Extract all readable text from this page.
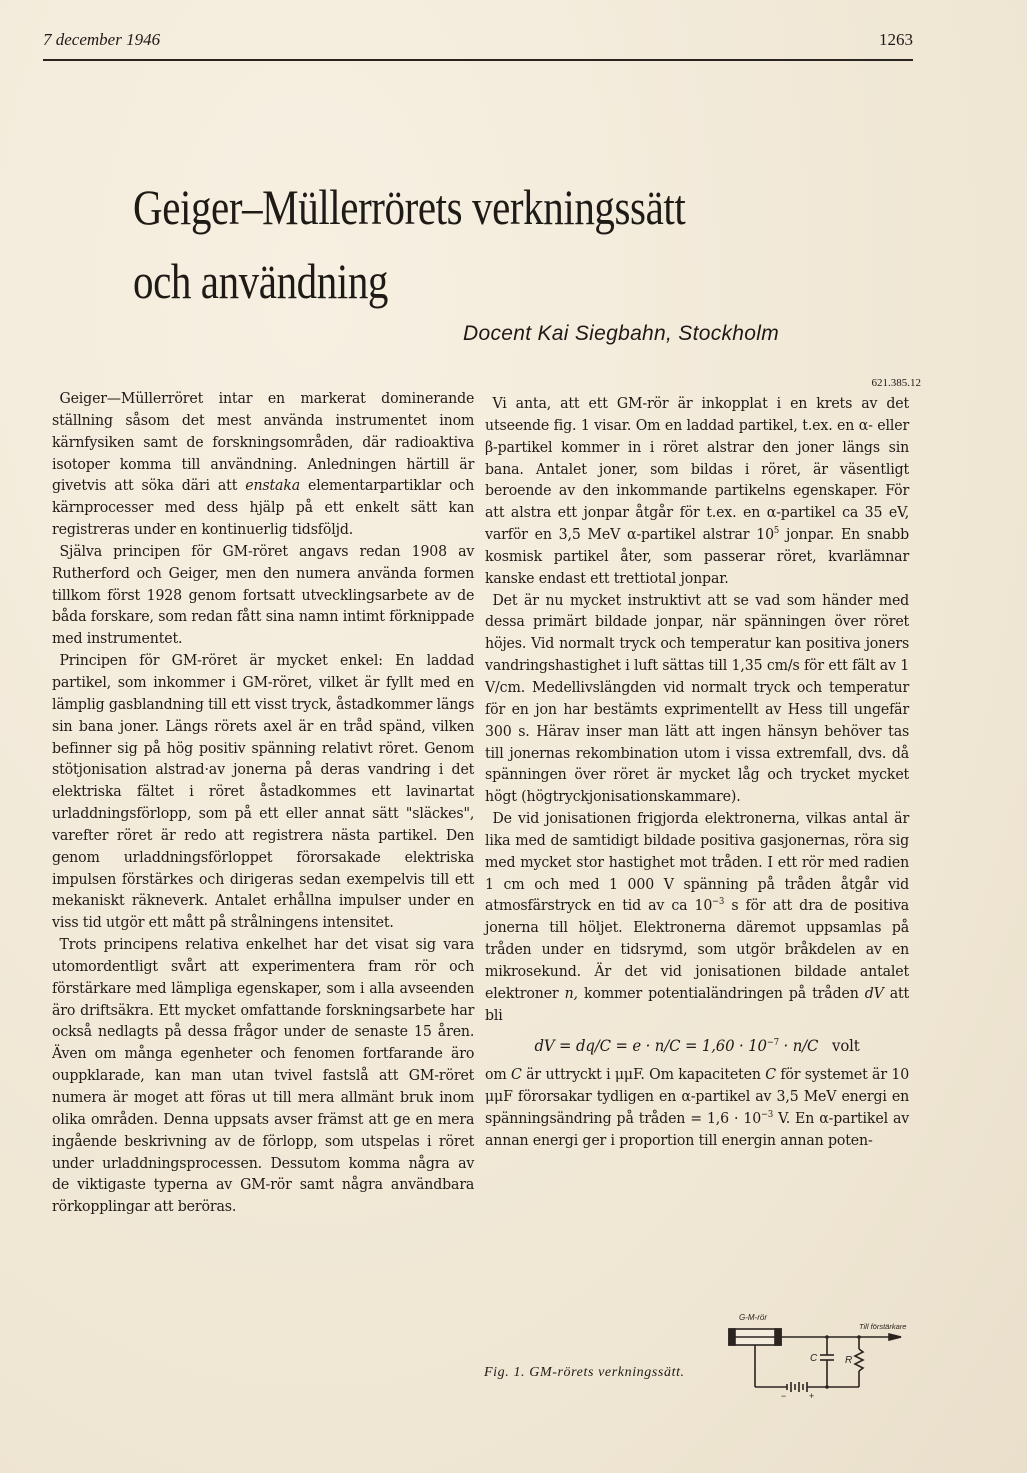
7 december 1946	1263
Geiger–Müllerrörets verkningssätt
och användning
Docent Kai Siegbahn, Stockholm
621.385.12

Geiger—Müllerröret intar en markerat dominerande ställning såsom det mest använda instrumentet inom kärnfysiken samt de forskningsområden, där radioaktiva isotoper komma till användning. Anledningen härtill är givetvis att söka däri att enstaka elementarpartiklar och kärnprocesser med dess hjälp på ett enkelt sätt kan registreras under en kontinuerlig tidsföljd.

Själva principen för GM-röret angavs redan 1908 av Rutherford och Geiger, men den numera använda formen tillkom först 1928 genom fortsatt utvecklingsarbete av de båda forskare, som redan fått sina namn intimt förknippade med instrumentet.

Principen för GM-röret är mycket enkel: En laddad partikel, som inkommer i GM-röret, vilket är fyllt med en lämplig gasblandning till ett visst tryck, åstadkommer längs sin bana joner. Längs rörets axel är en tråd spänd, vilken befinner sig på hög positiv spänning relativt röret. Genom stötjonisation alstrad·av jonerna på deras vandring i det elektriska fältet i röret åstadkommes ett lavinartat urladdningsförlopp, som på ett eller annat sätt "släckes", varefter röret är redo att registrera nästa partikel. Den genom urladdningsförloppet förorsakade elektriska impulsen förstärkes och dirigeras sedan exempelvis till ett mekaniskt räkneverk. Antalet erhållna impulser under en viss tid utgör ett mått på strålningens intensitet.

Trots principens relativa enkelhet har det visat sig vara utomordentligt svårt att experimentera fram rör och förstärkare med lämpliga egenskaper, som i alla avseenden äro driftsäkra. Ett mycket omfattande forskningsarbete har också nedlagts på dessa frågor under de senaste 15 åren. Även om många egenheter och fenomen fortfarande äro ouppklarade, kan man utan tvivel fastslå att GM-röret numera är moget att föras ut till mera allmänt bruk inom olika områden. Denna uppsats avser främst att ge en mera ingående beskrivning av de förlopp, som utspelas i röret under urladdningsprocessen. Dessutom komma några av de viktigaste typerna av GM-rör samt några användbara rörkopplingar att beröras.

Vi anta, att ett GM-rör är inkopplat i en krets av det utseende fig. 1 visar. Om en laddad partikel, t.ex. en α- eller β-partikel kommer in i röret alstrar den joner längs sin bana. Antalet joner, som bildas i röret, är väsentligt beroende av den inkommande partikelns egenskaper. För att alstra ett jonpar åtgår för t.ex. en α-partikel ca 35 eV, varför en 3,5 MeV α-partikel alstrar $10^5$ jonpar. En snabb kosmisk partikel åter, som passerar röret, kvarlämnar kanske endast ett trettiotal jonpar.

Det är nu mycket instruktivt att se vad som händer med dessa primärt bildade jonpar, när spänningen över röret höjes. Vid normalt tryck och temperatur kan positiva joners vandringshastighet i luft sättas till 1,35 cm/s för ett fält av 1 V/cm. Medellivslängden vid normalt tryck och temperatur för en jon har bestämts exprimentellt av Hess till ungefär 300 s. Härav inser man lätt att ingen hänsyn behöver tas till jonernas rekombination utom i vissa extremfall, dvs. då spänningen över röret är mycket låg och trycket mycket högt (högtryckjonisationskammare).

De vid jonisationen frigjorda elektronerna, vilkas antal är lika med de samtidigt bildade positiva gasjonernas, röra sig med mycket stor hastighet mot tråden. I ett rör med radien 1 cm och med 1 000 V spänning på tråden åtgår vid atmosfärstryck en tid av ca $10^{-3}$ s för att dra de positiva jonerna till höljet. Elektronerna däremot uppsamlas på tråden under en tidsrymd, som utgör bråkdelen av en mikrosekund. Är det vid jonisationen bildade antalet elektroner n, kommer potentialändringen på tråden dV att bli

dV = $dq/C = e \cdot n/C = 1,60 \cdot 10^{-7} \cdot n/C$ volt

om C är uttryckt i μμF. Om kapaciteten C för systemet är 10 μμF förorsakar tydligen en α-partikel av 3,5 MeV energi en spänningsändring på tråden = $1,6 \cdot 10^{-3}$ V. En α-partikel av annan energi ger i proportion till energin annan poten-

Fig. 1. GM-rörets verkningssätt.
G-M-rör
Till förstärkare
C	R
−	+
